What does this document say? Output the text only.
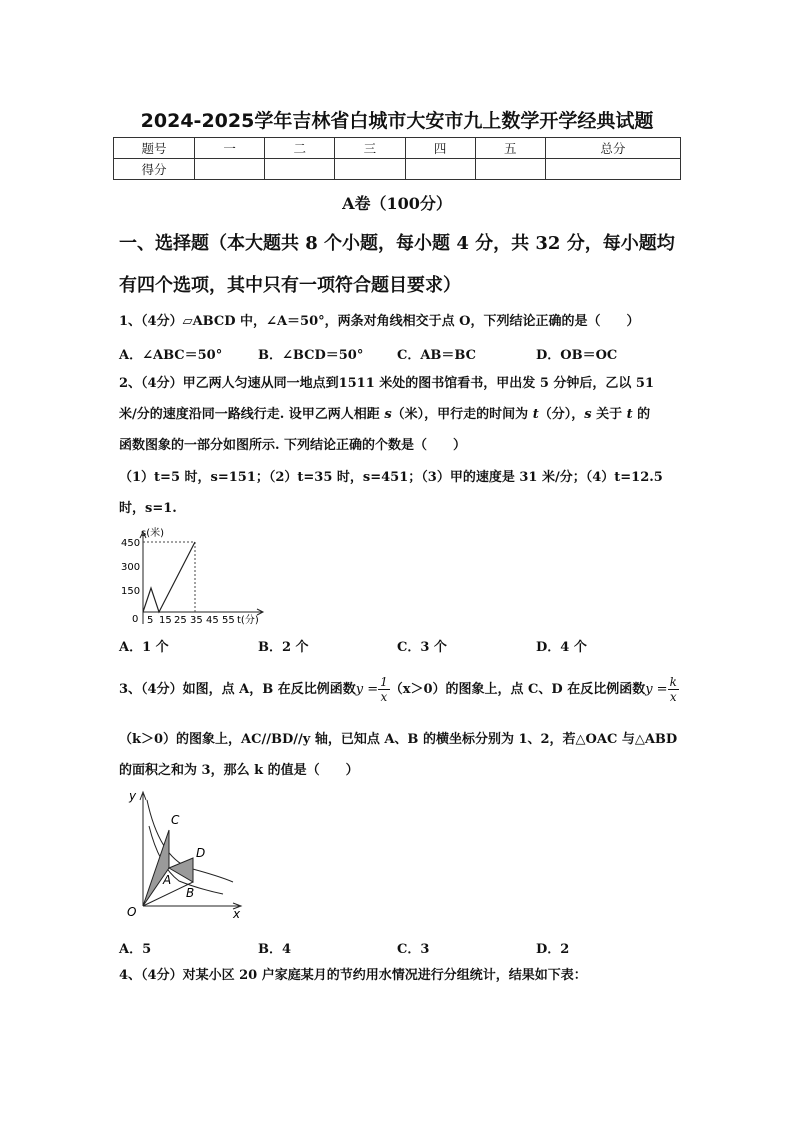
2024-2025学年吉林省白城市大安市九上数学开学经典试题
题号	一	二	三	四	五	总分
得分						
A卷（100分）
一、选择题（本大题共 8 个小题，每小题 4 分，共 32 分，每小题均
有四个选项，其中只有一项符合题目要求）
1、（4分）▱ABCD 中，∠A＝50°，两条对角线相交于点 O，下列结论正确的是（　　）
A．∠ABC＝50°	B．∠BCD＝50°	C．AB＝BC	D．OB＝OC
2、（4分）甲乙两人匀速从同一地点到1511 米处的图书馆看书，甲出发 5 分钟后，乙以 51
米/分的速度沿同一路线行走. 设甲乙两人相距 s（米），甲行走的时间为 t（分），s 关于 t 的
函数图象的一部分如图所示. 下列结论正确的个数是（　　）
（1）t=5 时，s=151；（2）t=35 时，s=451；（3）甲的速度是 31 米/分；（4）t=12.5
时，s=1.
s(米)
450
300
150
0 5 15 25 35 45 55 t(分)
A．1 个	B．2 个	C．3 个	D．4 个
3、（4分）如图，点 A，B 在反比例函数$y = \frac{1}{x} (x>0)$的图象上，点 C、D 在反比例函数$y = \frac{k}{x}$
（k＞0）的图象上，AC//BD//y 轴，已知点 A、B 的横坐标分别为 1、2，若△OAC 与△ABD
的面积之和为 3，那么 k 的值是（　　）
y
x
O
C
D
A
B
A．5	B．4	C．3	D．2
4、（4分）对某小区 20 户家庭某月的节约用水情况进行分组统计，结果如下表：
